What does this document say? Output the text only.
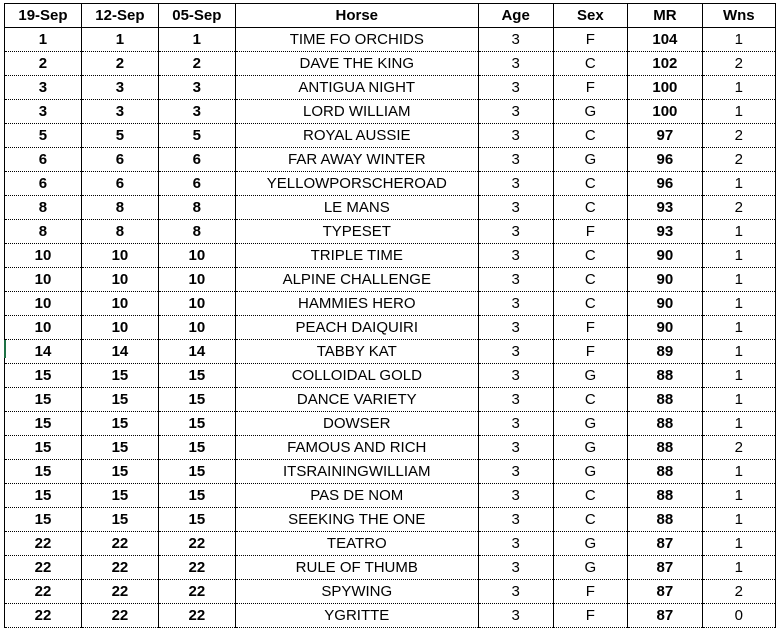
19-Sep	12-Sep	05-Sep	Horse	Age	Sex	MR	Wns
1	1	1	TIME FO ORCHIDS	3	F	104	1
2	2	2	DAVE THE KING	3	C	102	2
3	3	3	ANTIGUA NIGHT	3	F	100	1
3	3	3	LORD WILLIAM	3	G	100	1
5	5	5	ROYAL AUSSIE	3	C	97	2
6	6	6	FAR AWAY WINTER	3	G	96	2
6	6	6	YELLOWPORSCHEROAD	3	C	96	1
8	8	8	LE MANS	3	C	93	2
8	8	8	TYPESET	3	F	93	1
10	10	10	TRIPLE TIME	3	C	90	1
10	10	10	ALPINE CHALLENGE	3	C	90	1
10	10	10	HAMMIES HERO	3	C	90	1
10	10	10	PEACH DAIQUIRI	3	F	90	1
14	14	14	TABBY KAT	3	F	89	1
15	15	15	COLLOIDAL GOLD	3	G	88	1
15	15	15	DANCE VARIETY	3	C	88	1
15	15	15	DOWSER	3	G	88	1
15	15	15	FAMOUS AND RICH	3	G	88	2
15	15	15	ITSRAININGWILLIAM	3	G	88	1
15	15	15	PAS DE NOM	3	C	88	1
15	15	15	SEEKING THE ONE	3	C	88	1
22	22	22	TEATRO	3	G	87	1
22	22	22	RULE OF THUMB	3	G	87	1
22	22	22	SPYWING	3	F	87	2
22	22	22	YGRITTE	3	F	87	0
